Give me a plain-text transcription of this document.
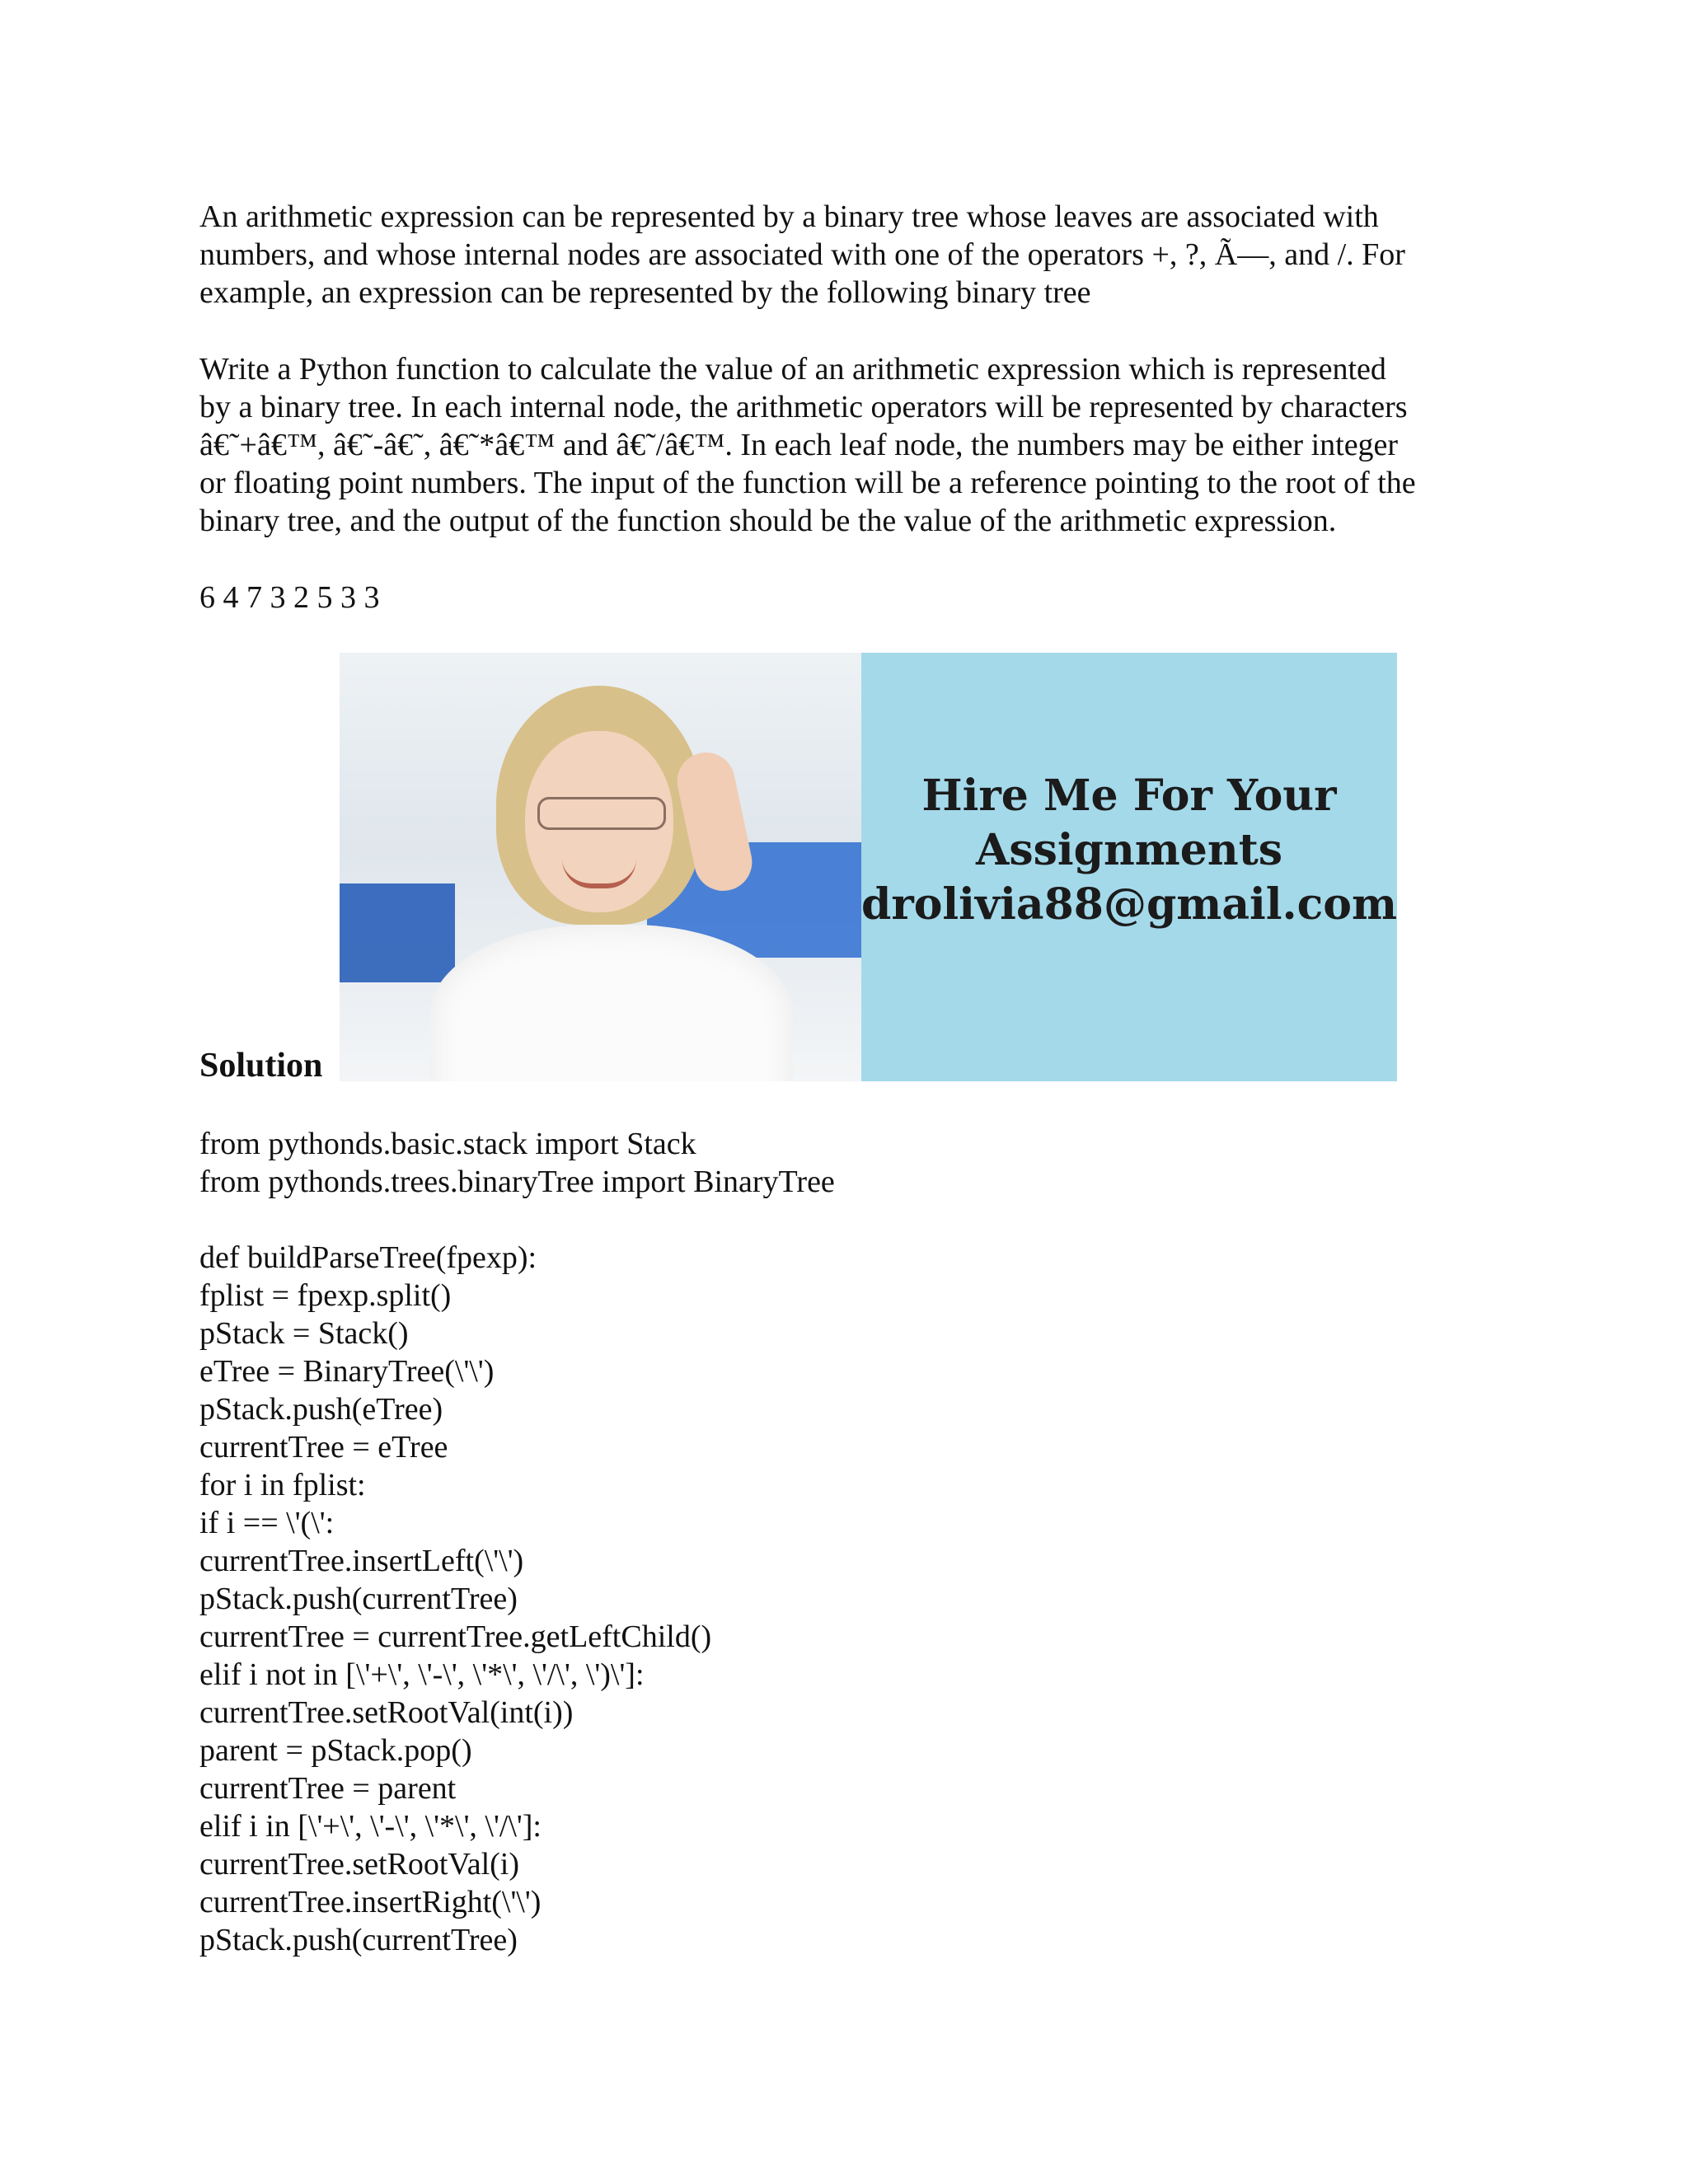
An arithmetic expression can be represented by a binary tree whose leaves are associated with

numbers, and whose internal nodes are associated with one of the operators +, ?, Ã—, and /. For

example, an expression can be represented by the following binary tree

Write a Python function to calculate the value of an arithmetic expression which is represented

by a binary tree. In each internal node, the arithmetic operators will be represented by characters

â€˜+â€™, â€˜-â€˜, â€˜*â€™ and â€˜/â€™. In each leaf node, the numbers may be either integer

or floating point numbers. The input of the function will be a reference pointing to the root of the

binary tree, and the output of the function should be the value of the arithmetic expression.

6 4 7 3 2 5 3 3

Hire Me For Your
Assignments
drolivia88@gmail.com
Solution
from pythonds.basic.stack import Stack
from pythonds.trees.binaryTree import BinaryTree
def buildParseTree(fpexp):
fplist = fpexp.split()
pStack = Stack()
eTree = BinaryTree(\'\')
pStack.push(eTree)
currentTree = eTree
for i in fplist:
if i == \'(\':
currentTree.insertLeft(\'\')
pStack.push(currentTree)
currentTree = currentTree.getLeftChild()
elif i not in [\'+\', \'-\', \'*\', \'/\', \')\']:
currentTree.setRootVal(int(i))
parent = pStack.pop()
currentTree = parent
elif i in [\'+\', \'-\', \'*\', \'/\']:
currentTree.setRootVal(i)
currentTree.insertRight(\'\')
pStack.push(currentTree)
